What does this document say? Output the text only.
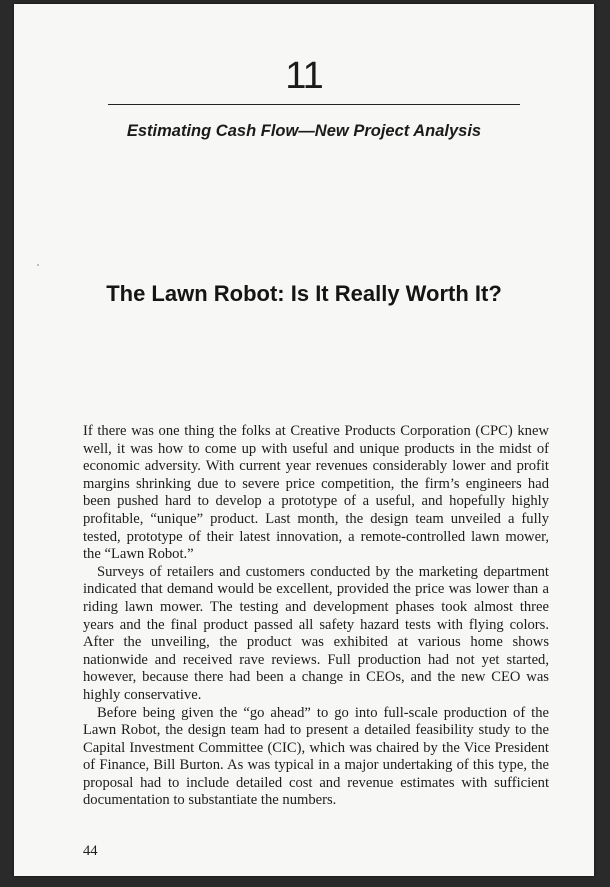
11
Estimating Cash Flow—New Project Analysis
The Lawn Robot: Is It Really Worth It?

If there was one thing the folks at Creative Products Corporation (CPC) knew well, it was how to come up with useful and unique products in the midst of economic adversity. With current year revenues considerably lower and profit margins shrinking due to severe price competition, the firm’s engineers had been pushed hard to develop a prototype of a useful, and hopefully highly profitable, “unique” product. Last month, the design team unveiled a fully tested, prototype of their latest innovation, a remote-controlled lawn mower, the “Lawn Robot.”

Surveys of retailers and customers conducted by the marketing department indicated that demand would be excellent, provided the price was lower than a riding lawn mower. The testing and development phases took almost three years and the final product passed all safety hazard tests with flying colors. After the unveiling, the product was exhibited at various home shows nationwide and received rave reviews. Full production had not yet started, however, because there had been a change in CEOs, and the new CEO was highly conservative.

Before being given the “go ahead” to go into full-scale production of the Lawn Robot, the design team had to present a detailed feasibility study to the Capital Investment Committee (CIC), which was chaired by the Vice President of Finance, Bill Burton. As was typical in a major undertaking of this type, the proposal had to include detailed cost and revenue estimates with sufficient documentation to substantiate the numbers.

44
